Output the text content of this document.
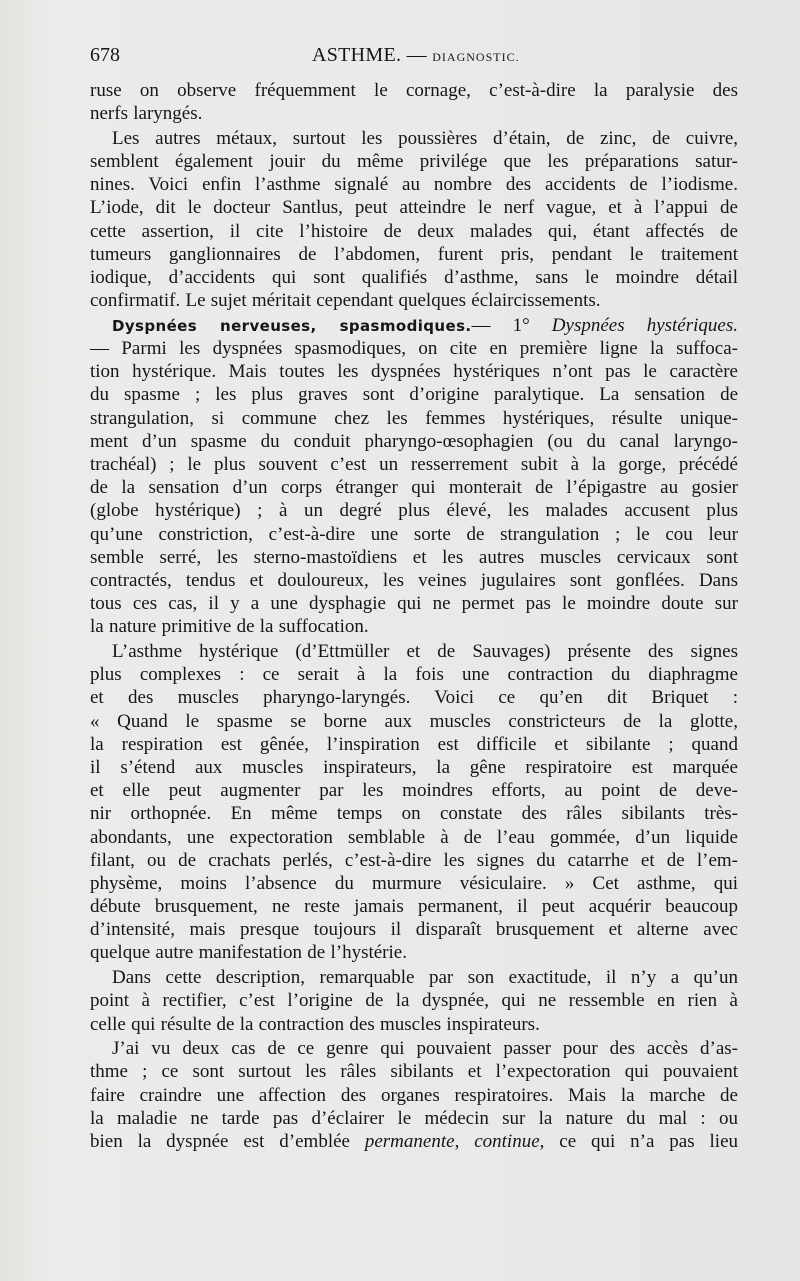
678	ASTHME. — DIAGNOSTIC.
ruse on observe fréquemment le cornage, c’est-à-dire la paralysie des
nerfs laryngés.
Les autres métaux, surtout les poussières d’étain, de zinc, de cuivre,
semblent également jouir du même privilége que les préparations satur-
nines. Voici enfin l’asthme signalé au nombre des accidents de l’iodisme.
L’iode, dit le docteur Santlus, peut atteindre le nerf vague, et à l’appui de
cette assertion, il cite l’histoire de deux malades qui, étant affectés de
tumeurs ganglionnaires de l’abdomen, furent pris, pendant le traitement
iodique, d’accidents qui sont qualifiés d’asthme, sans le moindre détail
confirmatif. Le sujet méritait cependant quelques éclaircissements.
Dyspnées nerveuses, spasmodiques.— 1° Dyspnées hystériques.
— Parmi les dyspnées spasmodiques, on cite en première ligne la suffoca-
tion hystérique. Mais toutes les dyspnées hystériques n’ont pas le caractère
du spasme ; les plus graves sont d’origine paralytique. La sensation de
strangulation, si commune chez les femmes hystériques, résulte unique-
ment d’un spasme du conduit pharyngo-œsophagien (ou du canal laryngo-
trachéal) ; le plus souvent c’est un resserrement subit à la gorge, précédé
de la sensation d’un corps étranger qui monterait de l’épigastre au gosier
(globe hystérique) ; à un degré plus élevé, les malades accusent plus
qu’une constriction, c’est-à-dire une sorte de strangulation ; le cou leur
semble serré, les sterno-mastoïdiens et les autres muscles cervicaux sont
contractés, tendus et douloureux, les veines jugulaires sont gonflées. Dans
tous ces cas, il y a une dysphagie qui ne permet pas le moindre doute sur
la nature primitive de la suffocation.
L’asthme hystérique (d’Ettmüller et de Sauvages) présente des signes
plus complexes : ce serait à la fois une contraction du diaphragme
et des muscles pharyngo-laryngés. Voici ce qu’en dit Briquet :
« Quand le spasme se borne aux muscles constricteurs de la glotte,
la respiration est gênée, l’inspiration est difficile et sibilante ; quand
il s’étend aux muscles inspirateurs, la gêne respiratoire est marquée
et elle peut augmenter par les moindres efforts, au point de deve-
nir orthopnée. En même temps on constate des râles sibilants très-
abondants, une expectoration semblable à de l’eau gommée, d’un liquide
filant, ou de crachats perlés, c’est-à-dire les signes du catarrhe et de l’em-
physème, moins l’absence du murmure vésiculaire. » Cet asthme, qui
débute brusquement, ne reste jamais permanent, il peut acquérir beaucoup
d’intensité, mais presque toujours il disparaît brusquement et alterne avec
quelque autre manifestation de l’hystérie.
Dans cette description, remarquable par son exactitude, il n’y a qu’un
point à rectifier, c’est l’origine de la dyspnée, qui ne ressemble en rien à
celle qui résulte de la contraction des muscles inspirateurs.
J’ai vu deux cas de ce genre qui pouvaient passer pour des accès d’as-
thme ; ce sont surtout les râles sibilants et l’expectoration qui pouvaient
faire craindre une affection des organes respiratoires. Mais la marche de
la maladie ne tarde pas d’éclairer le médecin sur la nature du mal : ou
bien la dyspnée est d’emblée permanente, continue, ce qui n’a pas lieu
